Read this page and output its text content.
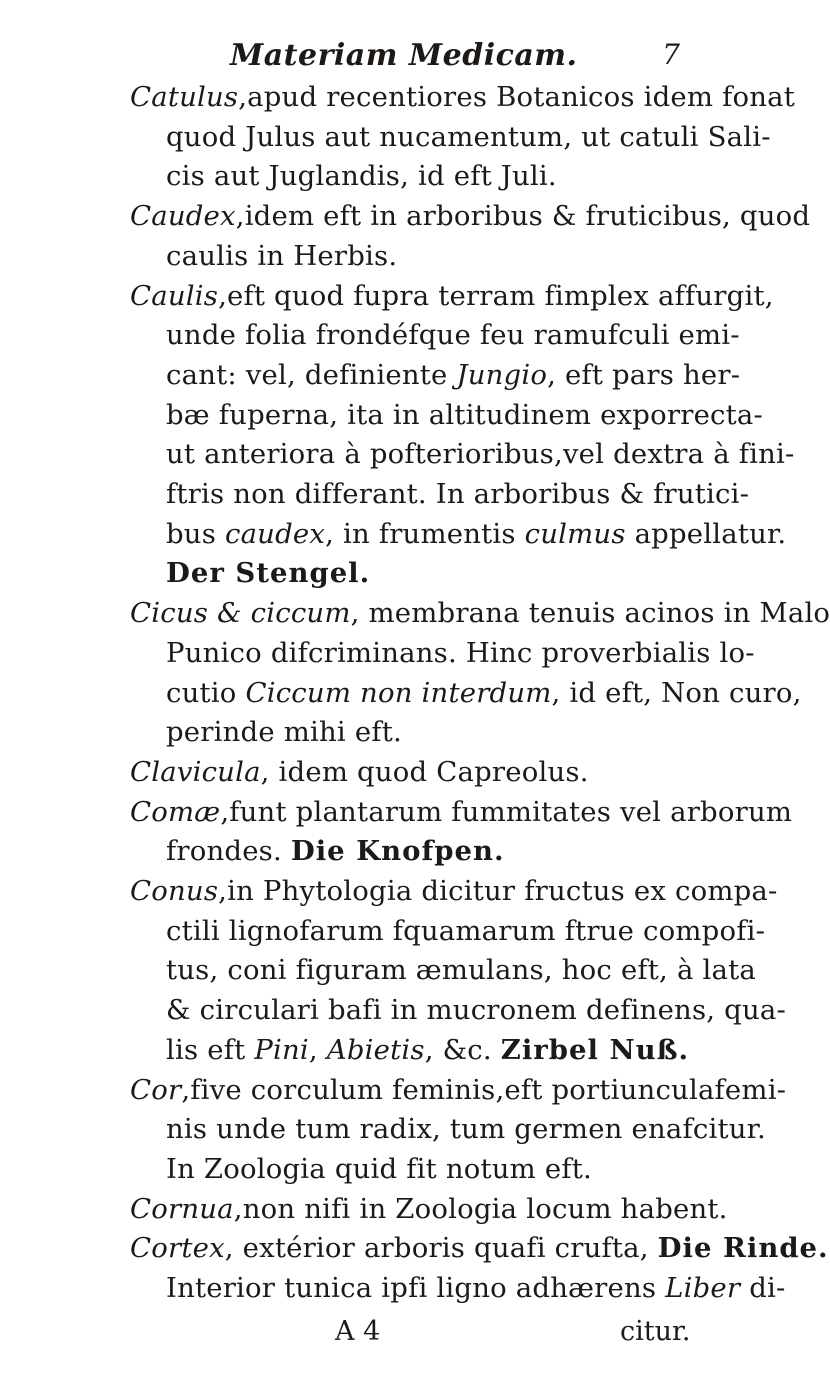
Materiam Medicam.	7
Catulus,apud recentiores Botanicos idem fonat
quod Julus aut nucamentum, ut catuli Sali-
cis aut Juglandis, id eft Juli.
Caudex,idem eft in arboribus & fruticibus, quod
caulis in Herbis.
Caulis,eft quod fupra terram fimplex affurgit,
unde folia frondéfque feu ramufculi emi-
cant: vel, definiente Jungio, eft pars her-
bæ fuperna, ita in altitudinem exporrecta-
ut anteriora à pofterioribus,vel dextra à fini-
ftris non differant. In arboribus & frutici-
bus caudex, in frumentis culmus appellatur.
Der Stengel.
Cicus & ciccum, membrana tenuis acinos in Malo
Punico difcriminans. Hinc proverbialis lo-
cutio Ciccum non interdum, id eft, Non curo,
perinde mihi eft.
Clavicula, idem quod Capreolus.
Comæ,funt plantarum fummitates vel arborum
frondes. Die Knofpen.
Conus,in Phytologia dicitur fructus ex compa-
ctili lignofarum fquamarum ftrue compofi-
tus, coni figuram æmulans, hoc eft, à lata
& circulari bafi in mucronem definens, qua-
lis eft Pini, Abietis, &c. Zirbel Nuß.
Cor,five corculum feminis,eft portiunculafemi-
nis unde tum radix, tum germen enafcitur.
In Zoologia quid fit notum eft.
Cornua,non nifi in Zoologia locum habent.
Cortex, extérior arboris quafi crufta, Die Rinde.
Interior tunica ipfi ligno adhærens Liber di-
A 4	citur.
